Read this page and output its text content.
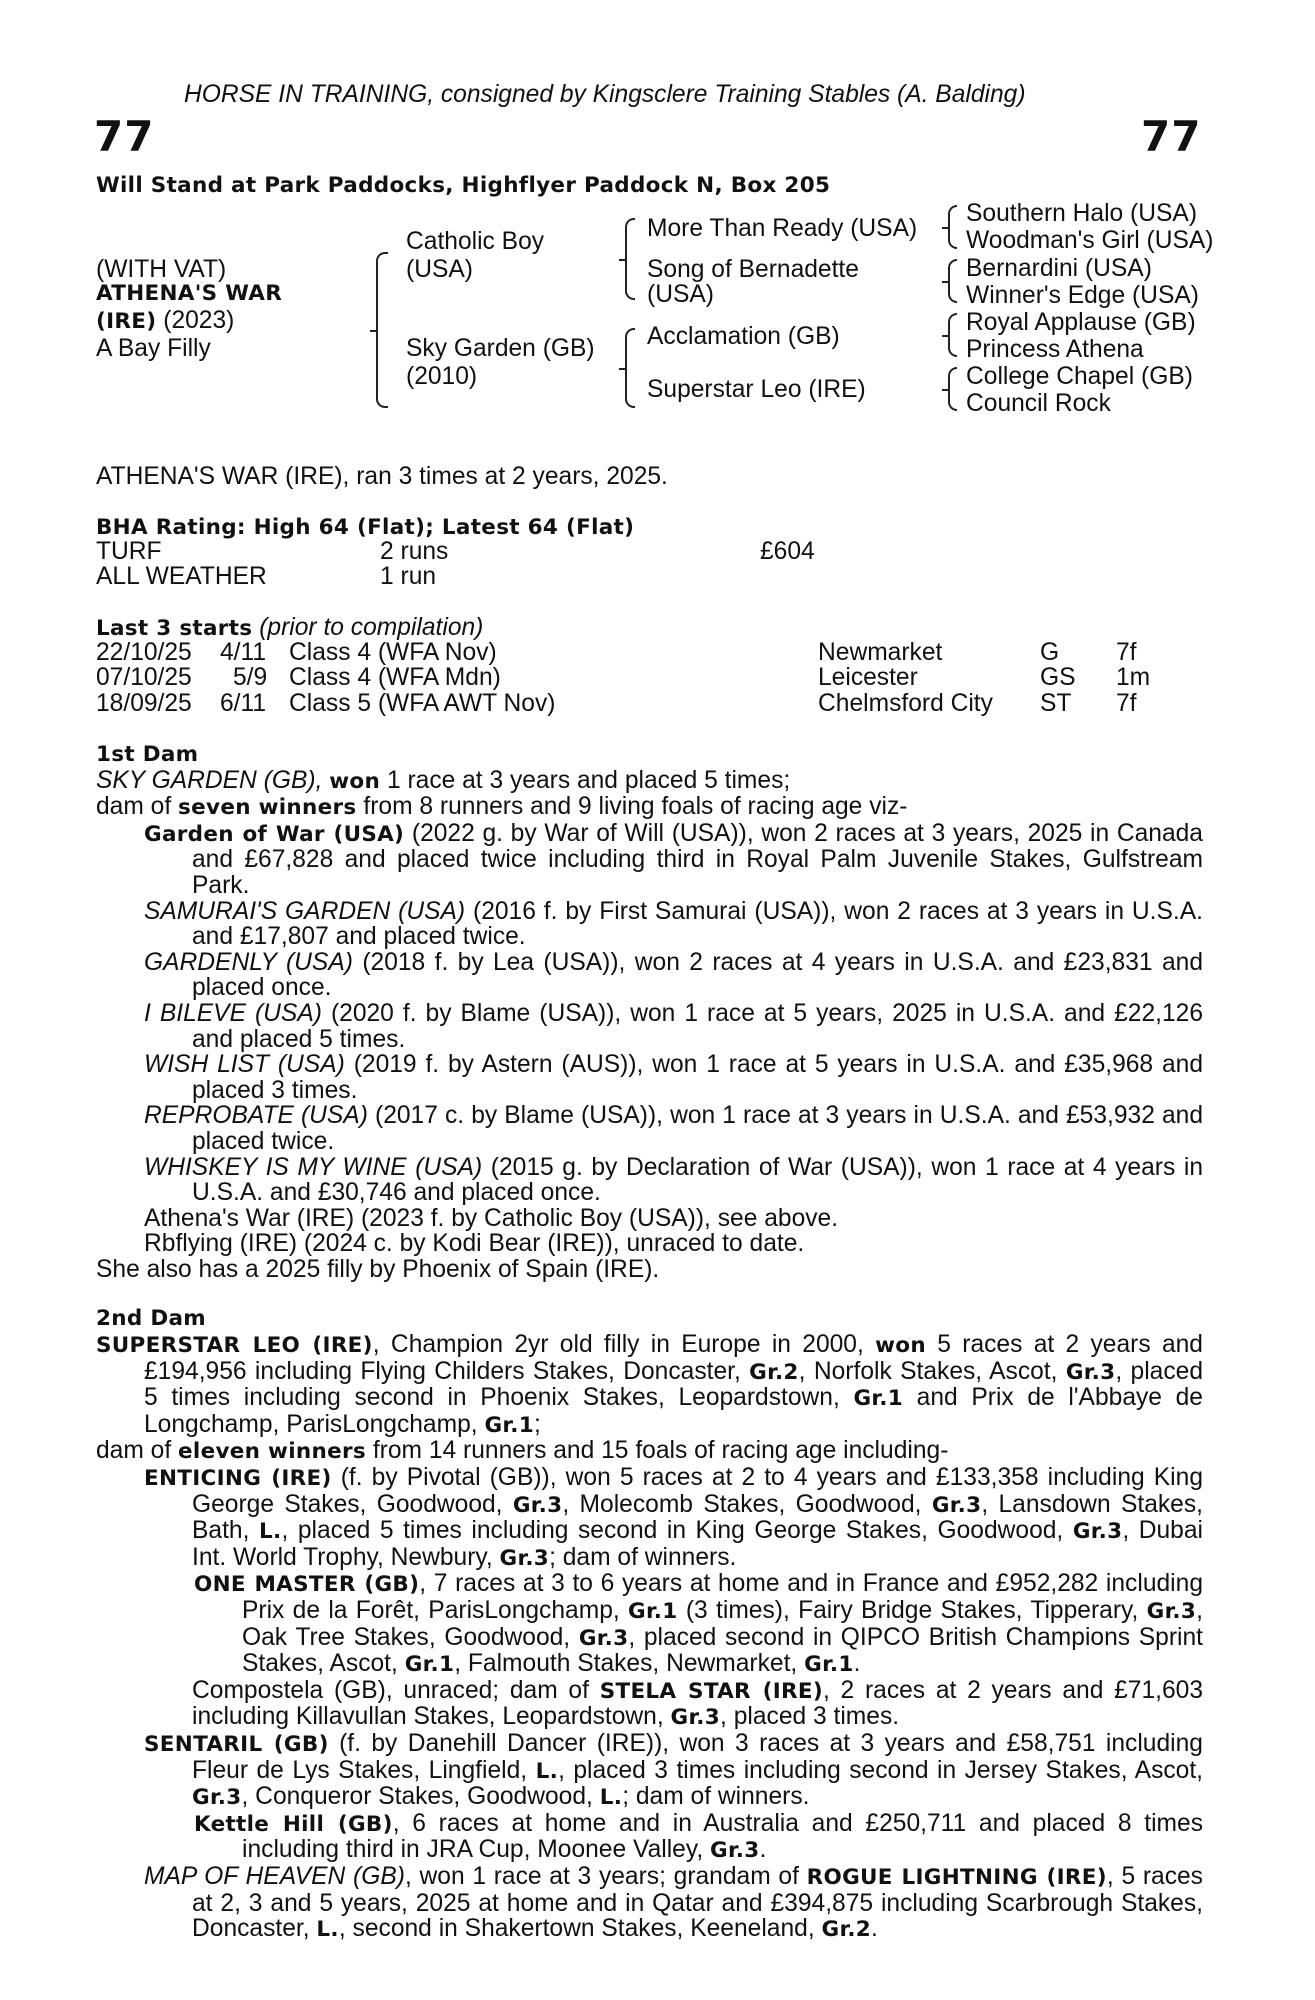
HORSE IN TRAINING, consigned by Kingsclere Training Stables (A. Balding)
77	77
Will Stand at Park Paddocks, Highflyer Paddock N, Box 205
(WITH VAT)
ATHENA'S WAR
(IRE) (2023)
A Bay Filly
Catholic Boy
(USA)
Sky Garden (GB)
(2010)
More Than Ready (USA)
Song of Bernadette
(USA)
Acclamation (GB)
Superstar Leo (IRE)
Southern Halo (USA)
Woodman's Girl (USA)
Bernardini (USA)
Winner's Edge (USA)
Royal Applause (GB)
Princess Athena
College Chapel (GB)
Council Rock
ATHENA'S WAR (IRE), ran 3 times at 2 years, 2025.
BHA Rating: High 64 (Flat); Latest 64 (Flat)
TURF	2 runs	£604
ALL WEATHER	1 run
Last 3 starts (prior to compilation)
22/10/25 4/11 Class 4 (WFA Nov)	Newmarket	G 7f
07/10/25 5/9 Class 4 (WFA Mdn)	Leicester	GS 1m
18/09/25 6/11 Class 5 (WFA AWT Nov)	Chelmsford City ST 7f

1st Dam

SKY GARDEN (GB), won 1 race at 3 years and placed 5 times;

dam of seven winners from 8 runners and 9 living foals of racing age viz-

Garden of War (USA) (2022 g. by War of Will (USA)), won 2 races at 3 years, 2025 in Canada and £67,828 and placed twice including third in Royal Palm Juvenile Stakes, Gulfstream Park.

SAMURAI'S GARDEN (USA) (2016 f. by First Samurai (USA)), won 2 races at 3 years in U.S.A. and £17,807 and placed twice.

GARDENLY (USA) (2018 f. by Lea (USA)), won 2 races at 4 years in U.S.A. and £23,831 and placed once.

I BILEVE (USA) (2020 f. by Blame (USA)), won 1 race at 5 years, 2025 in U.S.A. and £22,126 and placed 5 times.

WISH LIST (USA) (2019 f. by Astern (AUS)), won 1 race at 5 years in U.S.A. and £35,968 and placed 3 times.

REPROBATE (USA) (2017 c. by Blame (USA)), won 1 race at 3 years in U.S.A. and £53,932 and placed twice.

WHISKEY IS MY WINE (USA) (2015 g. by Declaration of War (USA)), won 1 race at 4 years in U.S.A. and £30,746 and placed once.

Athena's War (IRE) (2023 f. by Catholic Boy (USA)), see above.

Rbflying (IRE) (2024 c. by Kodi Bear (IRE)), unraced to date.

She also has a 2025 filly by Phoenix of Spain (IRE).

2nd Dam

SUPERSTAR LEO (IRE), Champion 2yr old filly in Europe in 2000, won 5 races at 2 years and £194,956 including Flying Childers Stakes, Doncaster, Gr.2, Norfolk Stakes, Ascot, Gr.3, placed 5 times including second in Phoenix Stakes, Leopardstown, Gr.1 and Prix de l'Abbaye de Longchamp, ParisLongchamp, Gr.1;

dam of eleven winners from 14 runners and 15 foals of racing age including-

ENTICING (IRE) (f. by Pivotal (GB)), won 5 races at 2 to 4 years and £133,358 including King George Stakes, Goodwood, Gr.3, Molecomb Stakes, Goodwood, Gr.3, Lansdown Stakes, Bath, L., placed 5 times including second in King George Stakes, Goodwood, Gr.3, Dubai Int. World Trophy, Newbury, Gr.3; dam of winners.

ONE MASTER (GB), 7 races at 3 to 6 years at home and in France and £952,282 including Prix de la Forêt, ParisLongchamp, Gr.1 (3 times), Fairy Bridge Stakes, Tipperary, Gr.3, Oak Tree Stakes, Goodwood, Gr.3, placed second in QIPCO British Champions Sprint Stakes, Ascot, Gr.1, Falmouth Stakes, Newmarket, Gr.1.

Compostela (GB), unraced; dam of STELA STAR (IRE), 2 races at 2 years and £71,603 including Killavullan Stakes, Leopardstown, Gr.3, placed 3 times.

SENTARIL (GB) (f. by Danehill Dancer (IRE)), won 3 races at 3 years and £58,751 including Fleur de Lys Stakes, Lingfield, L., placed 3 times including second in Jersey Stakes, Ascot, Gr.3, Conqueror Stakes, Goodwood, L.; dam of winners.

Kettle Hill (GB), 6 races at home and in Australia and £250,711 and placed 8 times including third in JRA Cup, Moonee Valley, Gr.3.

MAP OF HEAVEN (GB), won 1 race at 3 years; grandam of ROGUE LIGHTNING (IRE), 5 races at 2, 3 and 5 years, 2025 at home and in Qatar and £394,875 including Scarbrough Stakes, Doncaster, L., second in Shakertown Stakes, Keeneland, Gr.2.
